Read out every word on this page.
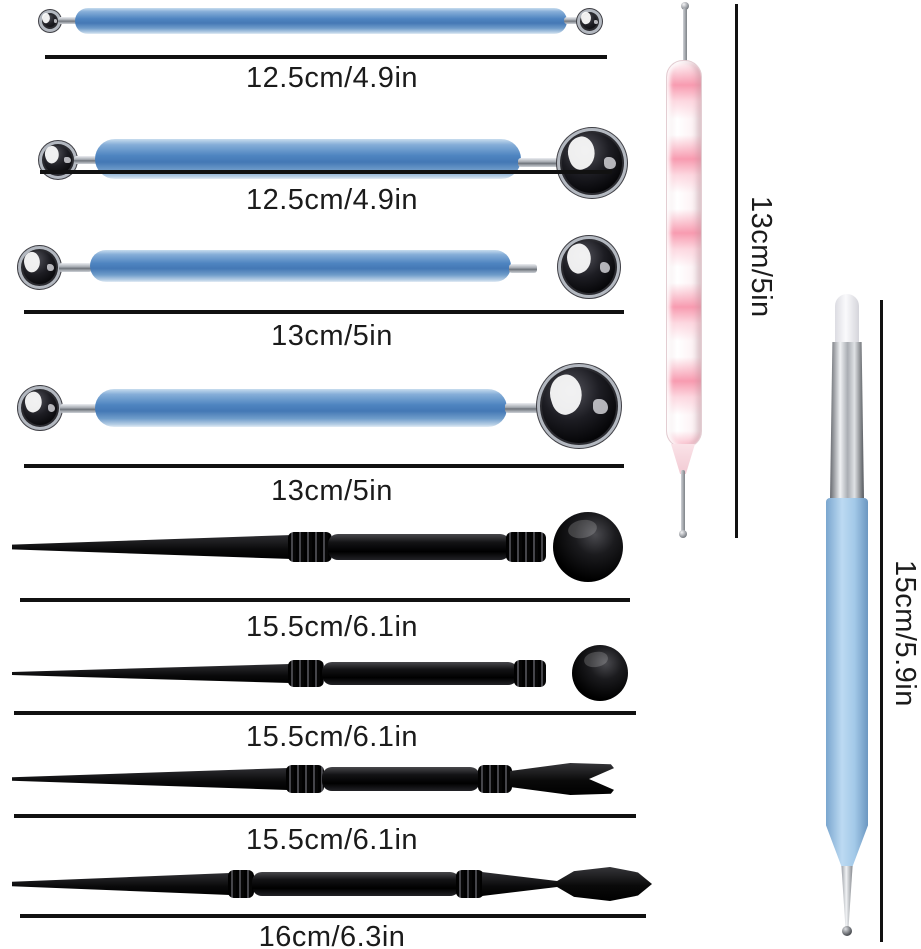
12.5cm/4.9in
12.5cm/4.9in
13cm/5in
13cm/5in
15.5cm/6.1in
15.5cm/6.1in
15.5cm/6.1in
16cm/6.3in
13cm/5in
15cm/5.9in
